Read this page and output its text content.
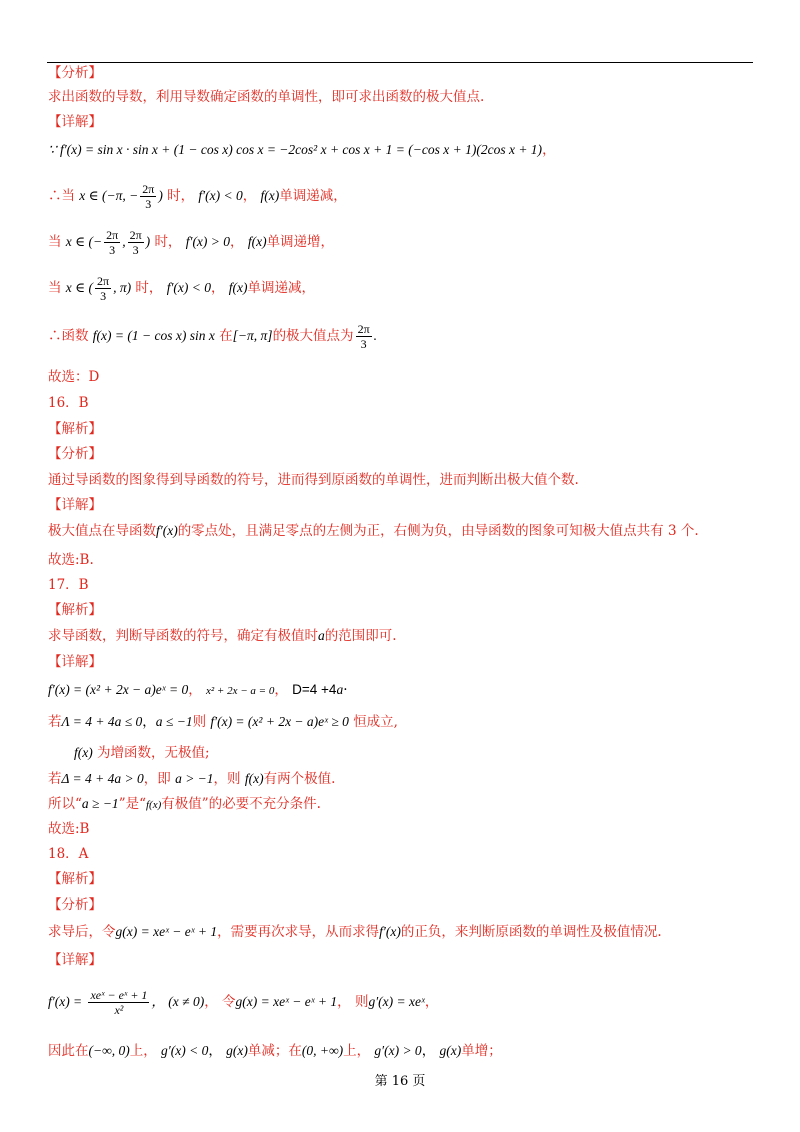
【分析】
求出函数的导数，利用导数确定函数的单调性，即可求出函数的极大值点.
【详解】
∵ f′(x) = sin x · sin x + (1 − cos x) cos x = −2cos² x + cos x + 1 = (−cos x + 1)(2cos x + 1)，
∴当 x ∈ (−π, − $\frac{2\pi}{3}$ ) 时， f′(x) < 0， f(x)单调递减，
当 x ∈ (− $\frac{2\pi}{3}$ , $\frac{2\pi}{3}$ ) 时， f′(x) > 0， f(x)单调递增，
当 x ∈ ( $\frac{2\pi}{3}$ , π) 时， f′(x) < 0， f(x)单调递减，
∴函数 f(x) = (1 − cos x) sin x 在[−π, π]的极大值点为 $\frac{2\pi}{3}$ .
故选：D
16．B
【解析】
【分析】
通过导函数的图象得到导函数的符号，进而得到原函数的单调性，进而判断出极大值个数.
【详解】
极大值点在导函数f′(x)的零点处，且满足零点的左侧为正，右侧为负，由导函数的图象可知极大值点共有 3 个.
故选:B.
17．B
【解析】
求导函数，判断导函数的符号，确定有极值时a的范围即可.
【详解】
f′(x) = (x² + 2x − a)eˣ = 0， x² + 2x − a = 0， D=4 +4a·
若Λ = 4 + 4a ≤ 0，a ≤ −1则 f′(x) = (x² + 2x − a)eˣ ≥ 0 恒成立,
f(x) 为增函数，无极值;
若Δ = 4 + 4a > 0，即 a > −1，则 f(x)有两个极值.
所以“a ≥ −1”是“f(x)有极值”的必要不充分条件.
故选:B
18．A
【解析】
【分析】
求导后，令g(x) = xeˣ − eˣ + 1，需要再次求导，从而求得f′(x)的正负，来判断原函数的单调性及极值情况.
【详解】
$f'(x) = \frac{\text{xeˣ − eˣ + 1}}{\text{x²}}$ ， (x ≠ 0)， 令g(x) = xeˣ − eˣ + 1， 则g′(x) = xeˣ，
因此在(−∞, 0)上， g′(x) < 0， g(x)单减；在(0, +∞)上， g′(x) > 0， g(x)单增；
第 16 页
